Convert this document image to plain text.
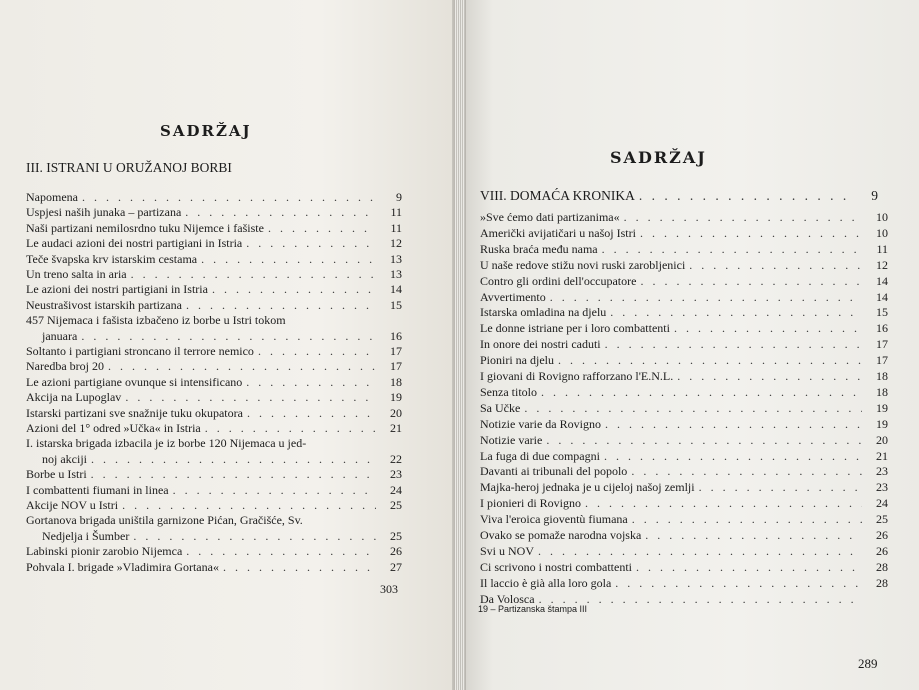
SADRŽAJ
III. ISTRANI U ORUŽANOJ BORBI
Napomena . . .	9
Uspjesi naših junaka – partizana . . .	11
Naši partizani nemilosrdno tuku Nijemce i fašiste . . .	11
Le audaci azioni dei nostri partigiani in Istria . . .	12
Teče švapska krv istarskim cestama . . .	13
Un treno salta in aria . . .	13
Le azioni dei nostri partigiani in Istria . . .	14
Neustrašivost istarskih partizana . . .	15
457 Nijemaca i fašista izbačeno iz borbe u Istri tokom
januara . . .	16
Soltanto i partigiani stroncano il terrore nemico . . .	17
Naredba broj 20 . . .	17
Le azioni partigiane ovunque si intensificano . . .	18
Akcija na Lupoglav . . .	19
Istarski partizani sve snažnije tuku okupatora . . .	20
Azioni del 1° odred »Učka« in Istria . . .	21
I. istarska brigada izbacila je iz borbe 120 Nijemaca u jed-
noj akciji . . .	22
Borbe u Istri . . .	23
I combattenti fiumani in linea . . .	24
Akcije NOV u Istri . . .	25
Gortanova brigada uništila garnizone Pićan, Gračišće, Sv.
Nedjelja i Šumber . . .	25
Labinski pionir zarobio Nijemca . . .	26
Pohvala I. brigade »Vladimira Gortana« . . .	27
303
SADRŽAJ
VIII. DOMAĆA KRONIKA . . .	9
»Sve ćemo dati partizanima« . . .	10
Američki avijatičari u našoj Istri . . .	10
Ruska braća među nama . . .	11
U naše redove stižu novi ruski zarobljenici . . .	12
Contro gli ordini dell'occupatore . . .	14
Avvertimento . . .	14
Istarska omladina na djelu . . .	15
Le donne istriane per i loro combattenti . . .	16
In onore dei nostri caduti . . .	17
Pioniri na djelu . . .	17
I giovani di Rovigno rafforzano l'E.N.L. . . .	18
Senza titolo . . .	18
Sa Učke . . .	19
Notizie varie da Rovigno . . .	19
Notizie varie . . .	20
La fuga di due compagni . . .	21
Davanti ai tribunali del popolo . . .	23
Majka-heroj jednaka je u cijeloj našoj zemlji . . .	23
I pionieri di Rovigno . . .	24
Viva l'eroica gioventù fiumana . . .	25
Ovako se pomaže narodna vojska . . .	26
Svi u NOV . . .	26
Ci scrivono i nostri combattenti . . .	28
Il laccio è già alla loro gola . . .	28
Da Volosca
. . .
19 – Partizanska štampa III
289
